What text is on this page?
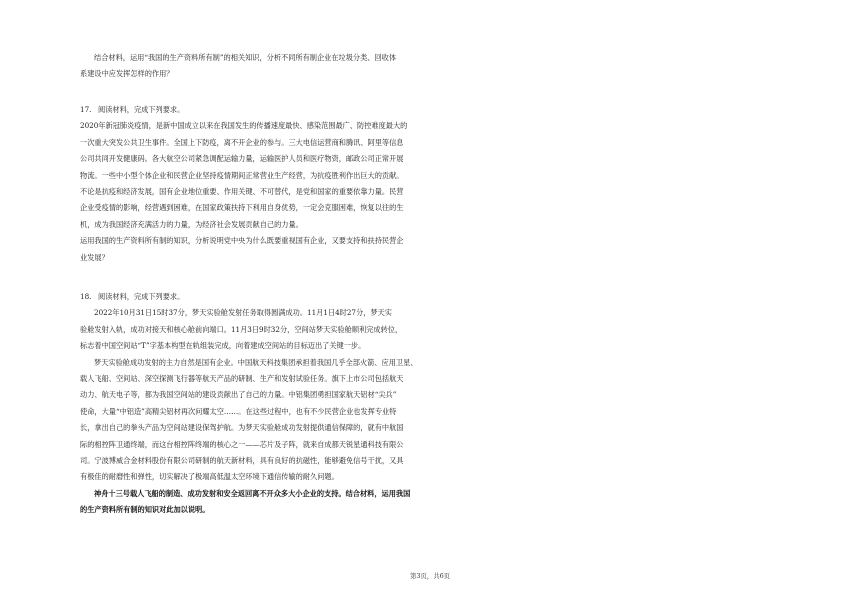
结合材料，运用“我国的生产资料所有制”的相关知识，分析不同所有制企业在垃圾分类、回收体
系建设中应发挥怎样的作用？
17. 阅读材料，完成下列要求。
2020年新冠肺炎疫情，是新中国成立以来在我国发生的传播速度最快、感染范围最广、防控难度最大的
一次重大突发公共卫生事件。全国上下防疫，离不开企业的参与。三大电信运营商和腾讯、阿里等信息
公司共同开发健康码。各大航空公司紧急调配运输力量，运输医护人员和医疗物资，邮政公司正常开展
物流。一些中小型个体企业和民营企业坚持疫情期间正常营业生产经营，为抗疫胜利作出巨大的贡献。
不论是抗疫和经济发展，国有企业地位重要、作用关键、不可替代，是党和国家的重要依靠力量。民营
企业受疫情的影响，经营遇到困难，在国家政策扶持下利用自身优势，一定会克服困难，恢复以往的生
机，成为我国经济充满活力的力量，为经济社会发展贡献自己的力量。
运用我国的生产资料所有制的知识，分析说明党中央为什么既要重视国有企业，又要支持和扶持民营企
业发展？
18. 阅读材料，完成下列要求。
2022年10月31日15时37分，梦天实验舱发射任务取得圆满成功。11月1日4时27分，梦天实
验舱发射入轨，成功对接天和核心舱前向端口。11月3日9时32分，空间站梦天实验舱顺利完成转位，
标志着中国空间站“T”字基本构型在轨组装完成，向着建成空间站的目标迈出了关键一步。
梦天实验舱成功发射的主力自然是国有企业。中国航天科技集团承担着我国几乎全部火箭、应用卫星、
载人飞船、空间站、深空探测飞行器等航天产品的研制、生产和发射试验任务。旗下上市公司包括航天
动力、航天电子等，都为我国空间站的建设贡献出了自己的力量。中铝集团勇担国家航天铝材“尖兵”
使命，大量“中铝造”高精尖铝材再次问耀太空……。在这些过程中，也有不少民营企业也发挥专业特
长，拿出自己的拳头产品为空间站建设保驾护航。为梦天实验舱成功发射提供通信保障的，就有中航国
际的相控阵卫通终端，而这台相控阵终端的核心之一——芯片及子阵，就来自成都天锐星通科技有限公
司。宁波博威合金材料股份有限公司研制的航天新材料，具有良好的抗磁性，能够避免信号干扰，又具
有极佳的耐磨性和弹性，切实解决了极端高低温太空环境下通信传输的耐久问题。
神舟十三号载人飞船的制造、成功发射和安全返回离不开众多大小企业的支持。结合材料，运用我国
的生产资料所有制的知识对此加以说明。
第3页，共6页
